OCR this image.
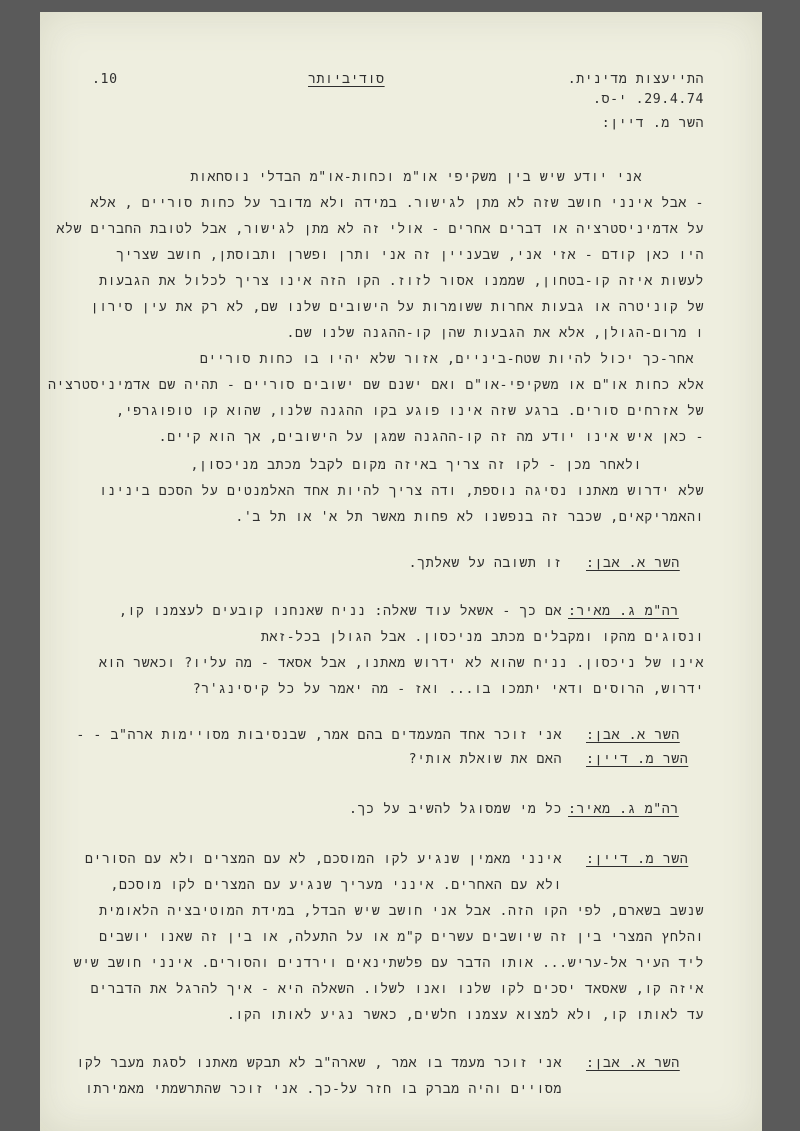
התייעצות מדינית.
29.4.74. י-ס.
השר מ. דיין:
סודיביותר
.10
אני יודע שיש בין משקיפי או"מ וכחות-או"מ הבדלי נוסחאות
- אבל אינני חושב שזה לא מתן לגישור. במידה ולא מדובר על כחות סוריים , אלא
על אדמיניסטרציה או דברים אחרים - אולי זה לא מתן לגישור, אבל לטובת החברים שלא
היו כאן קודם - אזי אני, שבעניין זה אני ותרן ופשרן ותבוסתן, חושב שצריך
לעשות איזה קו-בטחון, שממנו אסור לזוז. הקו הזה אינו צריך לכלול את הגבעות
של קוניטרה או גבעות אחרות ששומרות על הישובים שלנו שם, לא רק את עין סירון
ו מרום-הגולן, אלא את הגבעות שהן קו-ההגנה שלנו שם.
אחר-כך יכול להיות שטח-ביניים, אזור שלא יהיו בו כחות סוריים
אלא כחות או"ם או משקיפי-או"ם ואם ישנם שם ישובים סוריים - תהיה שם אדמיניסטרציה
של אזרחים סורים. ברגע שזה אינו פוגע בקו ההגנה שלנו, שהוא קו טופוגרפי,
- כאן איש אינו יודע מה זה קו-ההגנה שמגן על הישובים, אך הוא קיים.
ולאחר מכן - לקו זה צריך באיזה מקום לקבל מכתב מניכסון,
שלא ידרוש מאתנו נסיגה נוספת, ודה צריך להיות אחד האלמנטים על הסכם בינינו
והאמריקאים, שכבר זה בנפשנו לא פחות מאשר תל א' או תל ב'.
השר א. אבן:
זו תשובה על שאלתך.
רה"מ ג. מאיר:
אם כך - אשאל עוד שאלה: נניח שאנחנו קובעים לעצמנו קו,
ונסוגים מהקו ומקבלים מכתב מניכסון. אבל הגולן בכל-זאת
אינו של ניכסון. נניח שהוא לא ידרוש מאתנו, אבל אסאד - מה עליו? וכאשר הוא
ידרוש, הרוסים ודאי יתמכו בו... ואז - מה יאמר על כל קיסינג'ר?
השר א. אבן:
אני זוכר אחד המעמדים בהם אמר, שבנסיבות מסויימות ארה"ב - -
השר מ. דיין:
האם את שואלת אותי?
רה"מ ג. מאיר:
כל מי שמסוגל להשיב על כך.
השר מ. דיין:
אינני מאמין שנגיע לקו המוסכם, לא עם המצרים ולא עם הסורים
ולא עם האחרים. אינני מעריך שנגיע עם המצרים לקו מוסכם,
שנשב בשארם, לפי הקו הזה. אבל אני חושב שיש הבדל, במידת המוטיבציה הלאומית
והלחץ המצרי בין זה שיושבים עשרים ק"מ או על התעלה, או בין זה שאנו יושבים
ליד העיר אל-עריש... אותו הדבר עם פלשתינאים וירדנים והסורים. אינני חושב שיש
איזה קו, שאסאד יסכים לקו שלנו ואנו לשלו. השאלה היא - איך להרגל את הדברים
עד לאותו קו, ולא למצוא עצמנו חלשים, כאשר נגיע לאותו הקו.
השר א. אבן:
אני זוכר מעמד בו אמר , שארה"ב לא תבקש מאתנו לסגת מעבר לקו
מסויים והיה מברק בו חזר על-כך. אני זוכר שהתרשמתי מאמירתו
